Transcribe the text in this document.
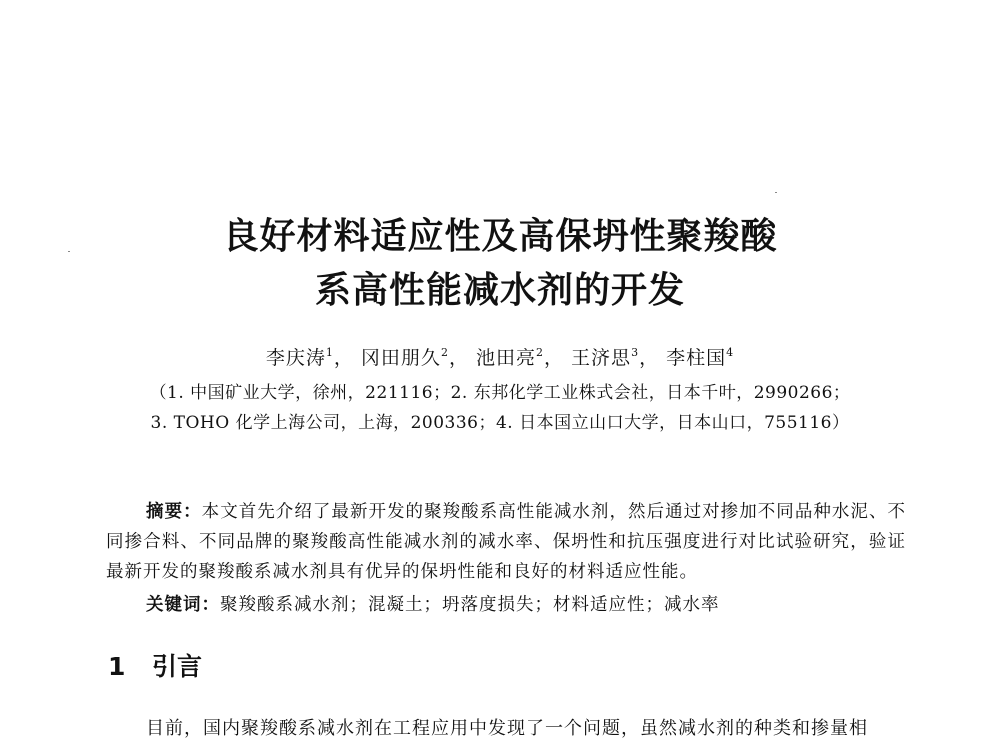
良好材料适应性及高保坍性聚羧酸
系高性能减水剂的开发
李庆涛$^1$， 冈田朋久$^2$， 池田亮$^2$， 王济思$^3$， 李柱国$^4$
（1. 中国矿业大学，徐州，221116；2. 东邦化学工业株式会社，日本千叶，2990266；
3. TOHO 化学上海公司，上海，200336；4. 日本国立山口大学，日本山口，755116）
摘要：本文首先介绍了最新开发的聚羧酸系高性能减水剂，然后通过对掺加不同品种水泥、不同掺合料、不同品牌的聚羧酸高性能减水剂的减水率、保坍性和抗压强度进行对比试验研究，验证最新开发的聚羧酸系减水剂具有优异的保坍性能和良好的材料适应性能。
关键词：聚羧酸系减水剂；混凝土；坍落度损失；材料适应性；减水率
1 引言
目前，国内聚羧酸系减水剂在工程应用中发现了一个问题，虽然减水剂的种类和掺量相
